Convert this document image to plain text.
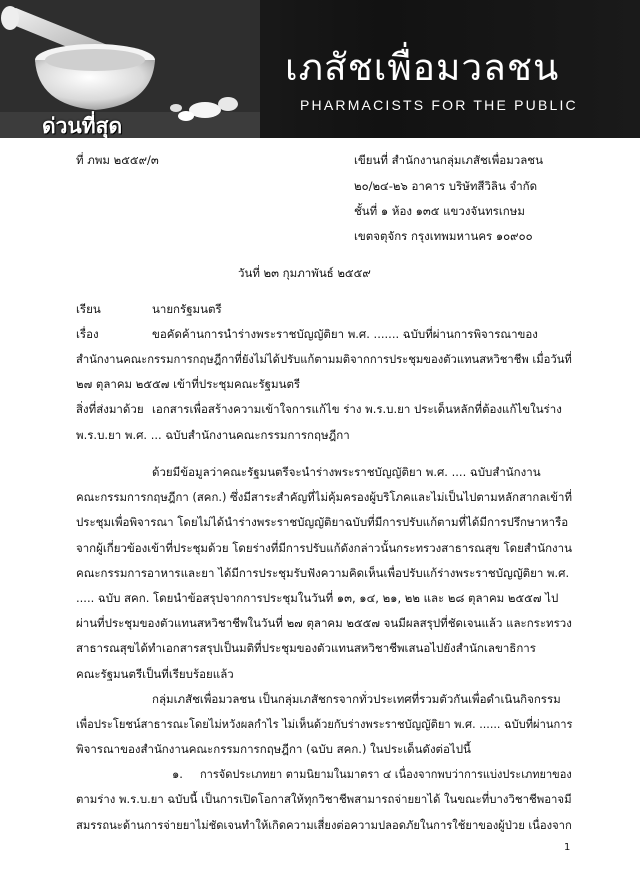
เภสัชเพื่อมวลชน
PHARMACISTS FOR THE PUBLIC
ด่วนที่สุด
ที่ ภพม ๒๕๕๙/๓	เขียนที่ สำนักงานกลุ่มเภสัชเพื่อมวลชน
๒๐/๒๔-๒๖ อาคาร บริษัทสีวิลิน จำกัด
ชั้นที่ ๑ ห้อง ๑๓๕ แขวงจันทรเกษม
เขตจตุจักร กรุงเทพมหานคร ๑๐๙๐๐
วันที่ ๒๓ กุมภาพันธ์ ๒๕๕๙
เรียน	นายกรัฐมนตรี
เรื่อง	ขอคัดค้านการนำร่างพระราชบัญญัติยา พ.ศ. ....... ฉบับที่ผ่านการพิจารณาของ
สำนักงานคณะกรรมการกฤษฎีกาที่ยังไม่ได้ปรับแก้ตามมติจากการประชุมของตัวแทนสหวิชาชีพ เมื่อวันที่
๒๗ ตุลาคม ๒๕๕๗ เข้าที่ประชุมคณะรัฐมนตรี
สิ่งที่ส่งมาด้วย เอกสารเพื่อสร้างความเข้าใจการแก้ไข ร่าง พ.ร.บ.ยา ประเด็นหลักที่ต้องแก้ไขในร่าง
พ.ร.บ.ยา พ.ศ. ... ฉบับสำนักงานคณะกรรมการกฤษฎีกา
ด้วยมีข้อมูลว่าคณะรัฐมนตรีจะนำร่างพระราชบัญญัติยา พ.ศ. .... ฉบับสำนักงาน
คณะกรรมการกฤษฎีกา (สคก.) ซึ่งมีสาระสำคัญที่ไม่คุ้มครองผู้บริโภคและไม่เป็นไปตามหลักสากลเข้าที่
ประชุมเพื่อพิจารณา โดยไม่ได้นำร่างพระราชบัญญัติยาฉบับที่มีการปรับแก้ตามที่ได้มีการปรึกษาหารือ
จากผู้เกี่ยวข้องเข้าที่ประชุมด้วย โดยร่างที่มีการปรับแก้ดังกล่าวนั้นกระทรวงสาธารณสุข โดยสำนักงาน
คณะกรรมการอาหารและยา ได้มีการประชุมรับฟังความคิดเห็นเพื่อปรับแก้ร่างพระราชบัญญัติยา พ.ศ.
..... ฉบับ สคก. โดยนำข้อสรุปจากการประชุมในวันที่ ๑๓, ๑๔, ๒๑, ๒๒ และ ๒๘ ตุลาคม ๒๕๕๗ ไป
ผ่านที่ประชุมของตัวแทนสหวิชาชีพในวันที่ ๒๗ ตุลาคม ๒๕๕๗ จนมีผลสรุปที่ชัดเจนแล้ว และกระทรวง
สาธารณสุขได้ทำเอกสารสรุปเป็นมติที่ประชุมของตัวแทนสหวิชาชีพเสนอไปยังสำนักเลขาธิการ
คณะรัฐมนตรีเป็นที่เรียบร้อยแล้ว
กลุ่มเภสัชเพื่อมวลชน เป็นกลุ่มเภสัชกรจากทั่วประเทศที่รวมตัวกันเพื่อดำเนินกิจกรรม
เพื่อประโยชน์สาธารณะโดยไม่หวังผลกำไร ไม่เห็นด้วยกับร่างพระราชบัญญัติยา พ.ศ. ...... ฉบับที่ผ่านการ
พิจารณาของสำนักงานคณะกรรมการกฤษฎีกา (ฉบับ สคก.) ในประเด็นดังต่อไปนี้
๑. การจัดประเภทยา ตามนิยามในมาตรา ๔ เนื่องจากพบว่าการแบ่งประเภทยาของ
ตามร่าง พ.ร.บ.ยา ฉบับนี้ เป็นการเปิดโอกาสให้ทุกวิชาชีพสามารถจ่ายยาได้ ในขณะที่บางวิชาชีพอาจมี
สมรรถนะด้านการจ่ายยาไม่ชัดเจนทำให้เกิดความเสี่ยงต่อความปลอดภัยในการใช้ยาของผู้ป่วย เนื่องจาก
1
